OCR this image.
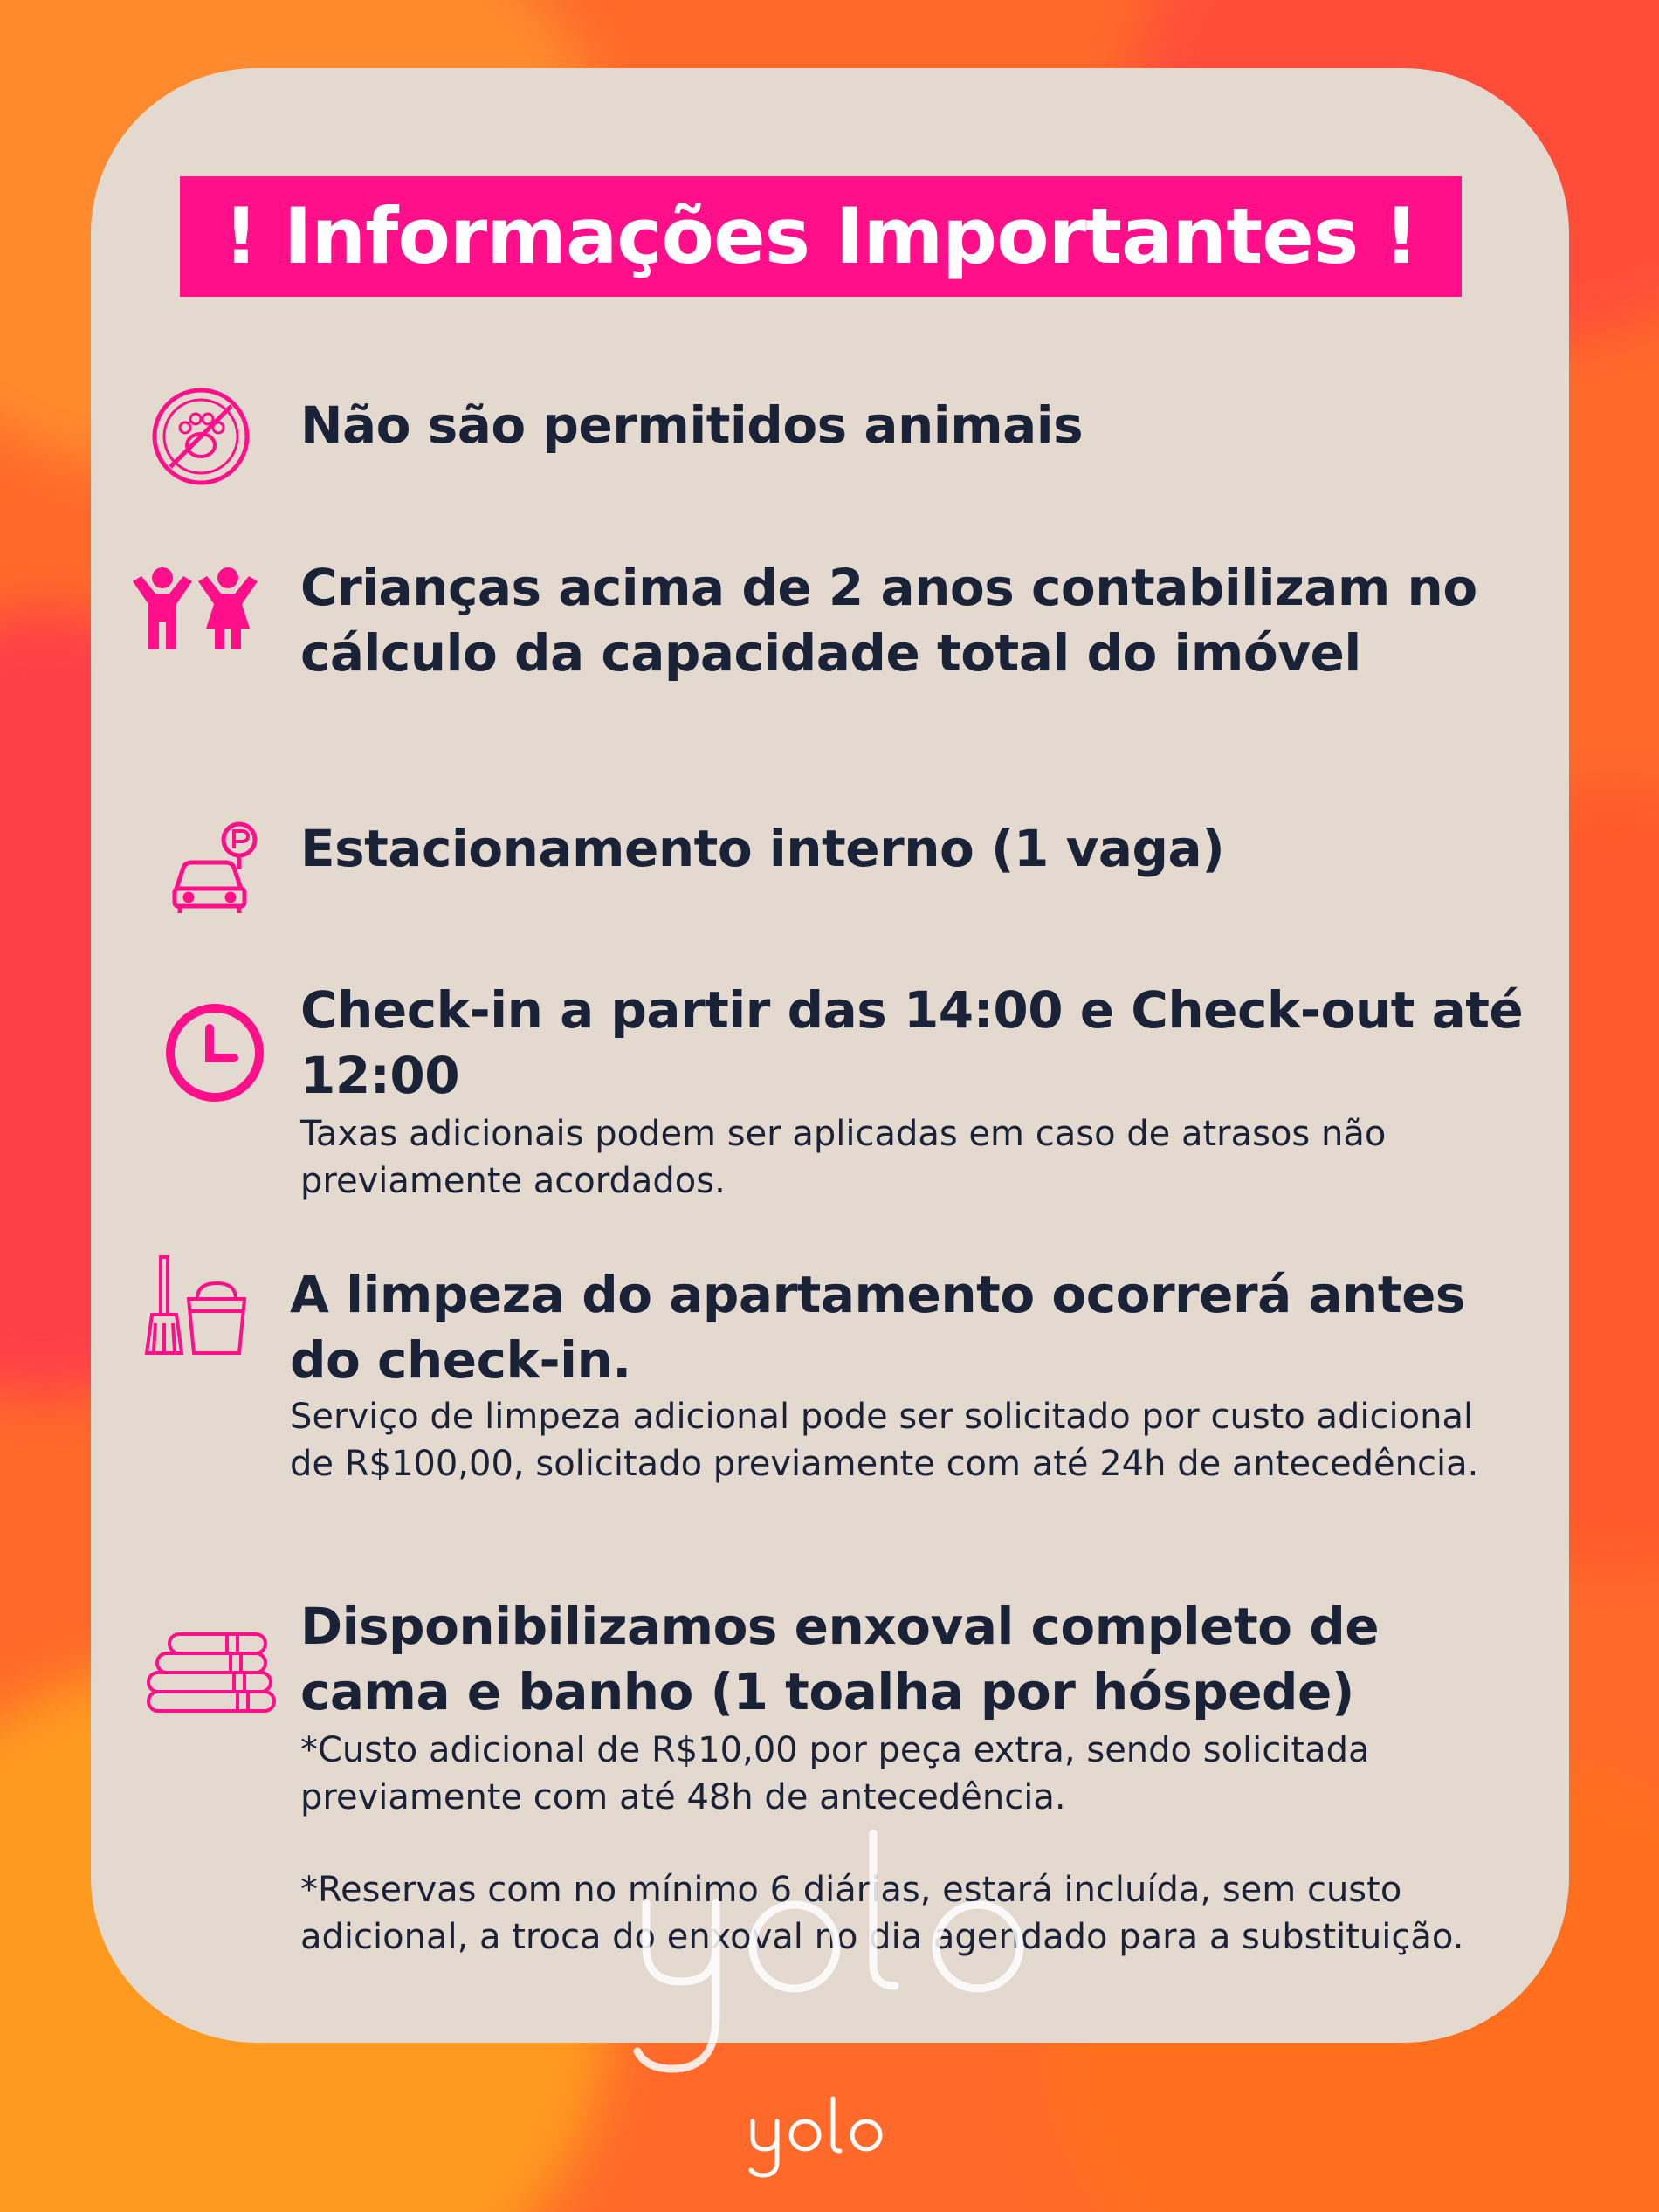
! Informações Importantes !

Não são permitidos animais

Crianças acima de 2 anos contabilizam no cálculo da capacidade total do imóvel

Estacionamento interno (1 vaga)

Check-in a partir das 14:00 e Check-out até 12:00

Taxas adicionais podem ser aplicadas em caso de atrasos não previamente acordados.

A limpeza do apartamento ocorrerá antes do check-in.

Serviço de limpeza adicional pode ser solicitado por custo adicional de R$100,00, solicitado previamente com até 24h de antecedência.

Disponibilizamos enxoval completo de cama e banho (1 toalha por hóspede)

*Custo adicional de R$10,00 por peça extra, sendo solicitada previamente com até 48h de antecedência.

*Reservas com no mínimo 6 diárias, estará incluída, sem custo adicional, a troca do enxoval no dia agendado para a substituição.
